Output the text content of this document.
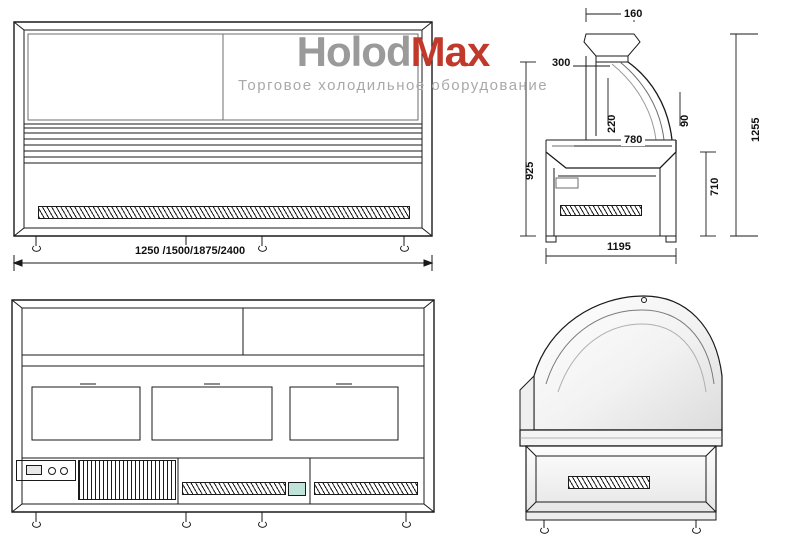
HolodMax
Торговое холодильное оборудование
1250 /1500/1875/2400
160
300
220	90
780	1255
925
710
1195
